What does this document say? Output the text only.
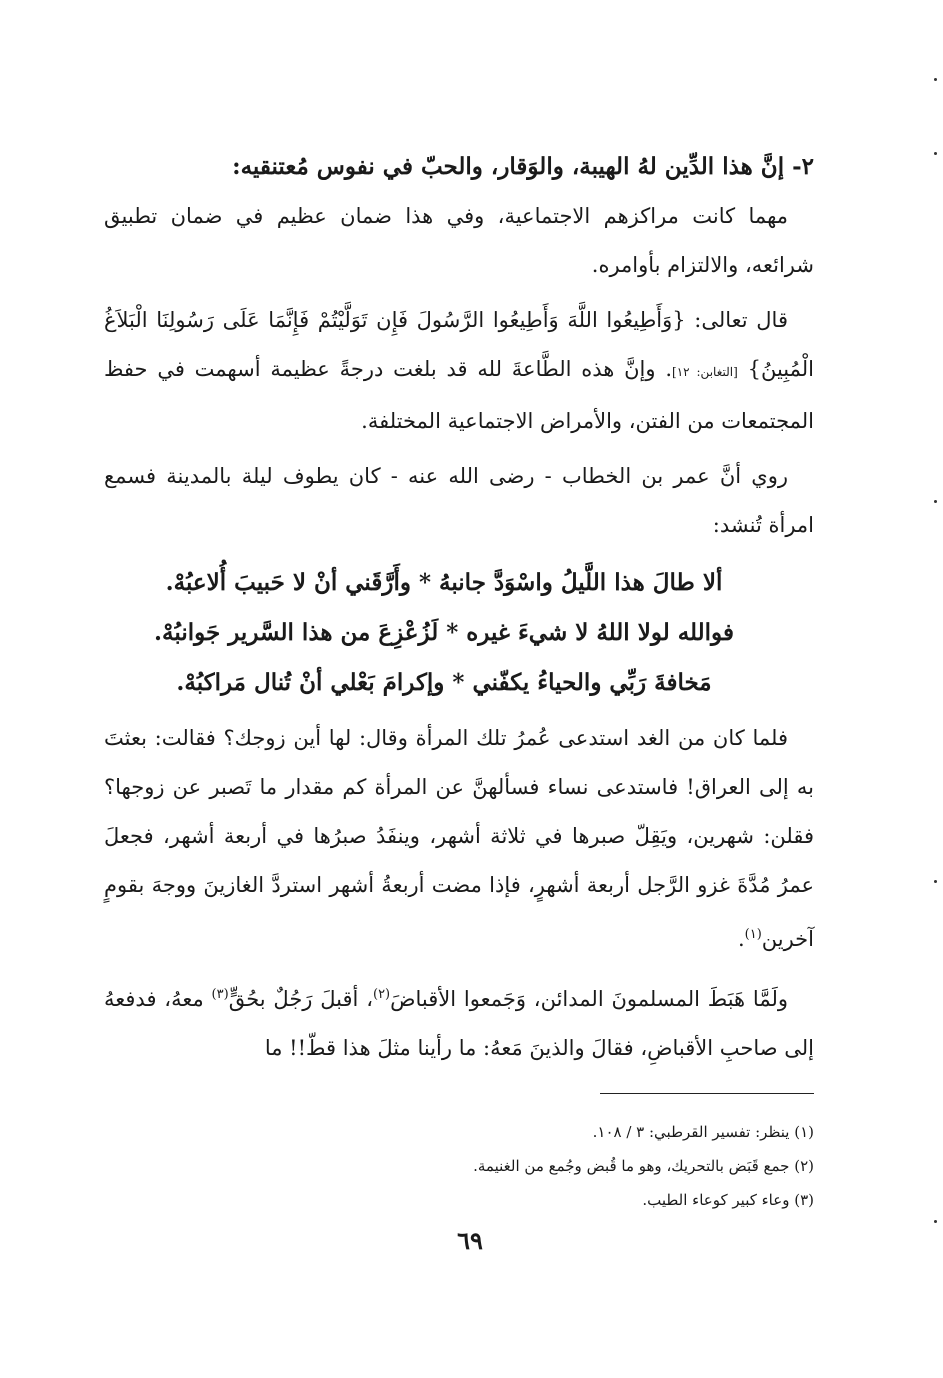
٢- إنَّ هذا الدِّين لهُ الهيبة، والوَقار، والحبّ في نفوس مُعتنقيه:

مهما كانت مراكزهم الاجتماعية، وفي هذا ضمان عظيم في ضمان تطبيق شرائعه، والالتزام بأوامره.

قال تعالى: {وَأَطِيعُوا اللَّهَ وَأَطِيعُوا الرَّسُولَ فَإِن تَوَلَّيْتُمْ فَإِنَّمَا عَلَى رَسُولِنَا الْبَلاَغُ الْمُبِينُ} [التغابن: ١٢]. وإنَّ هذه الطَّاعةَ لله قد بلغت درجةً عظيمة أسهمت في حفظ المجتمعات من الفتن، والأمراض الاجتماعية المختلفة.

روي أنَّ عمر بن الخطاب - رضى الله عنه - كان يطوف ليلة بالمدينة فسمع امرأة تُنشد:

ألا طالَ هذا اللَّيلُ واسْوَدَّ جانبهُ * وأَرَّقَني أنْ لا حَبيبَ أُلاعبُهْ.

فوالله لولا اللهُ لا شيءَ غيره * لَزُعْزِعَ من هذا السَّرير جَوانبُهْ.

مَخافةَ رَبِّي والحياءُ يكفّني * وإكرامَ بَعْلي أنْ تُنال مَراكبُهْ.

فلما كان من الغد استدعى عُمرُ تلك المرأة وقال: لها أين زوجك؟ فقالت: بعثتَ به إلى العراق! فاستدعى نساء فسألهنَّ عن المرأة كم مقدار ما تَصبر عن زوجها؟ فقلن: شهرين، ويَقِلّ صبرها في ثلاثة أشهر، وينفَدُ صبرُها في أربعة أشهر، فجعلَ عمرُ مُدَّةَ غزو الرَّجل أربعة أشهرٍ، فإذا مضت أربعةُ أشهر استردَّ الغازينَ ووجهَ بقومٍ آخرين$^{(١)}$.

ولَمَّا هَبَطَ المسلمونَ المدائن، وَجَمعوا الأقباضَ$^{(٢)}$، أقبلَ رَجُلٌ بحُقٍّ$^{(٣)}$ معهُ، فدفعهُ إلى صاحبِ الأقباضِ، فقالَ والذينَ مَعهُ: ما رأينا مثلَ هذا قطّ!! ما

(١) ينظر: تفسير القرطبي: ٣ / ١٠٨.

(٢) جمع قَبَض بالتحريك، وهو ما قُبض وجُمع من الغنيمة.

(٣) وعاء كبير كوعاء الطيب.

٦٩
